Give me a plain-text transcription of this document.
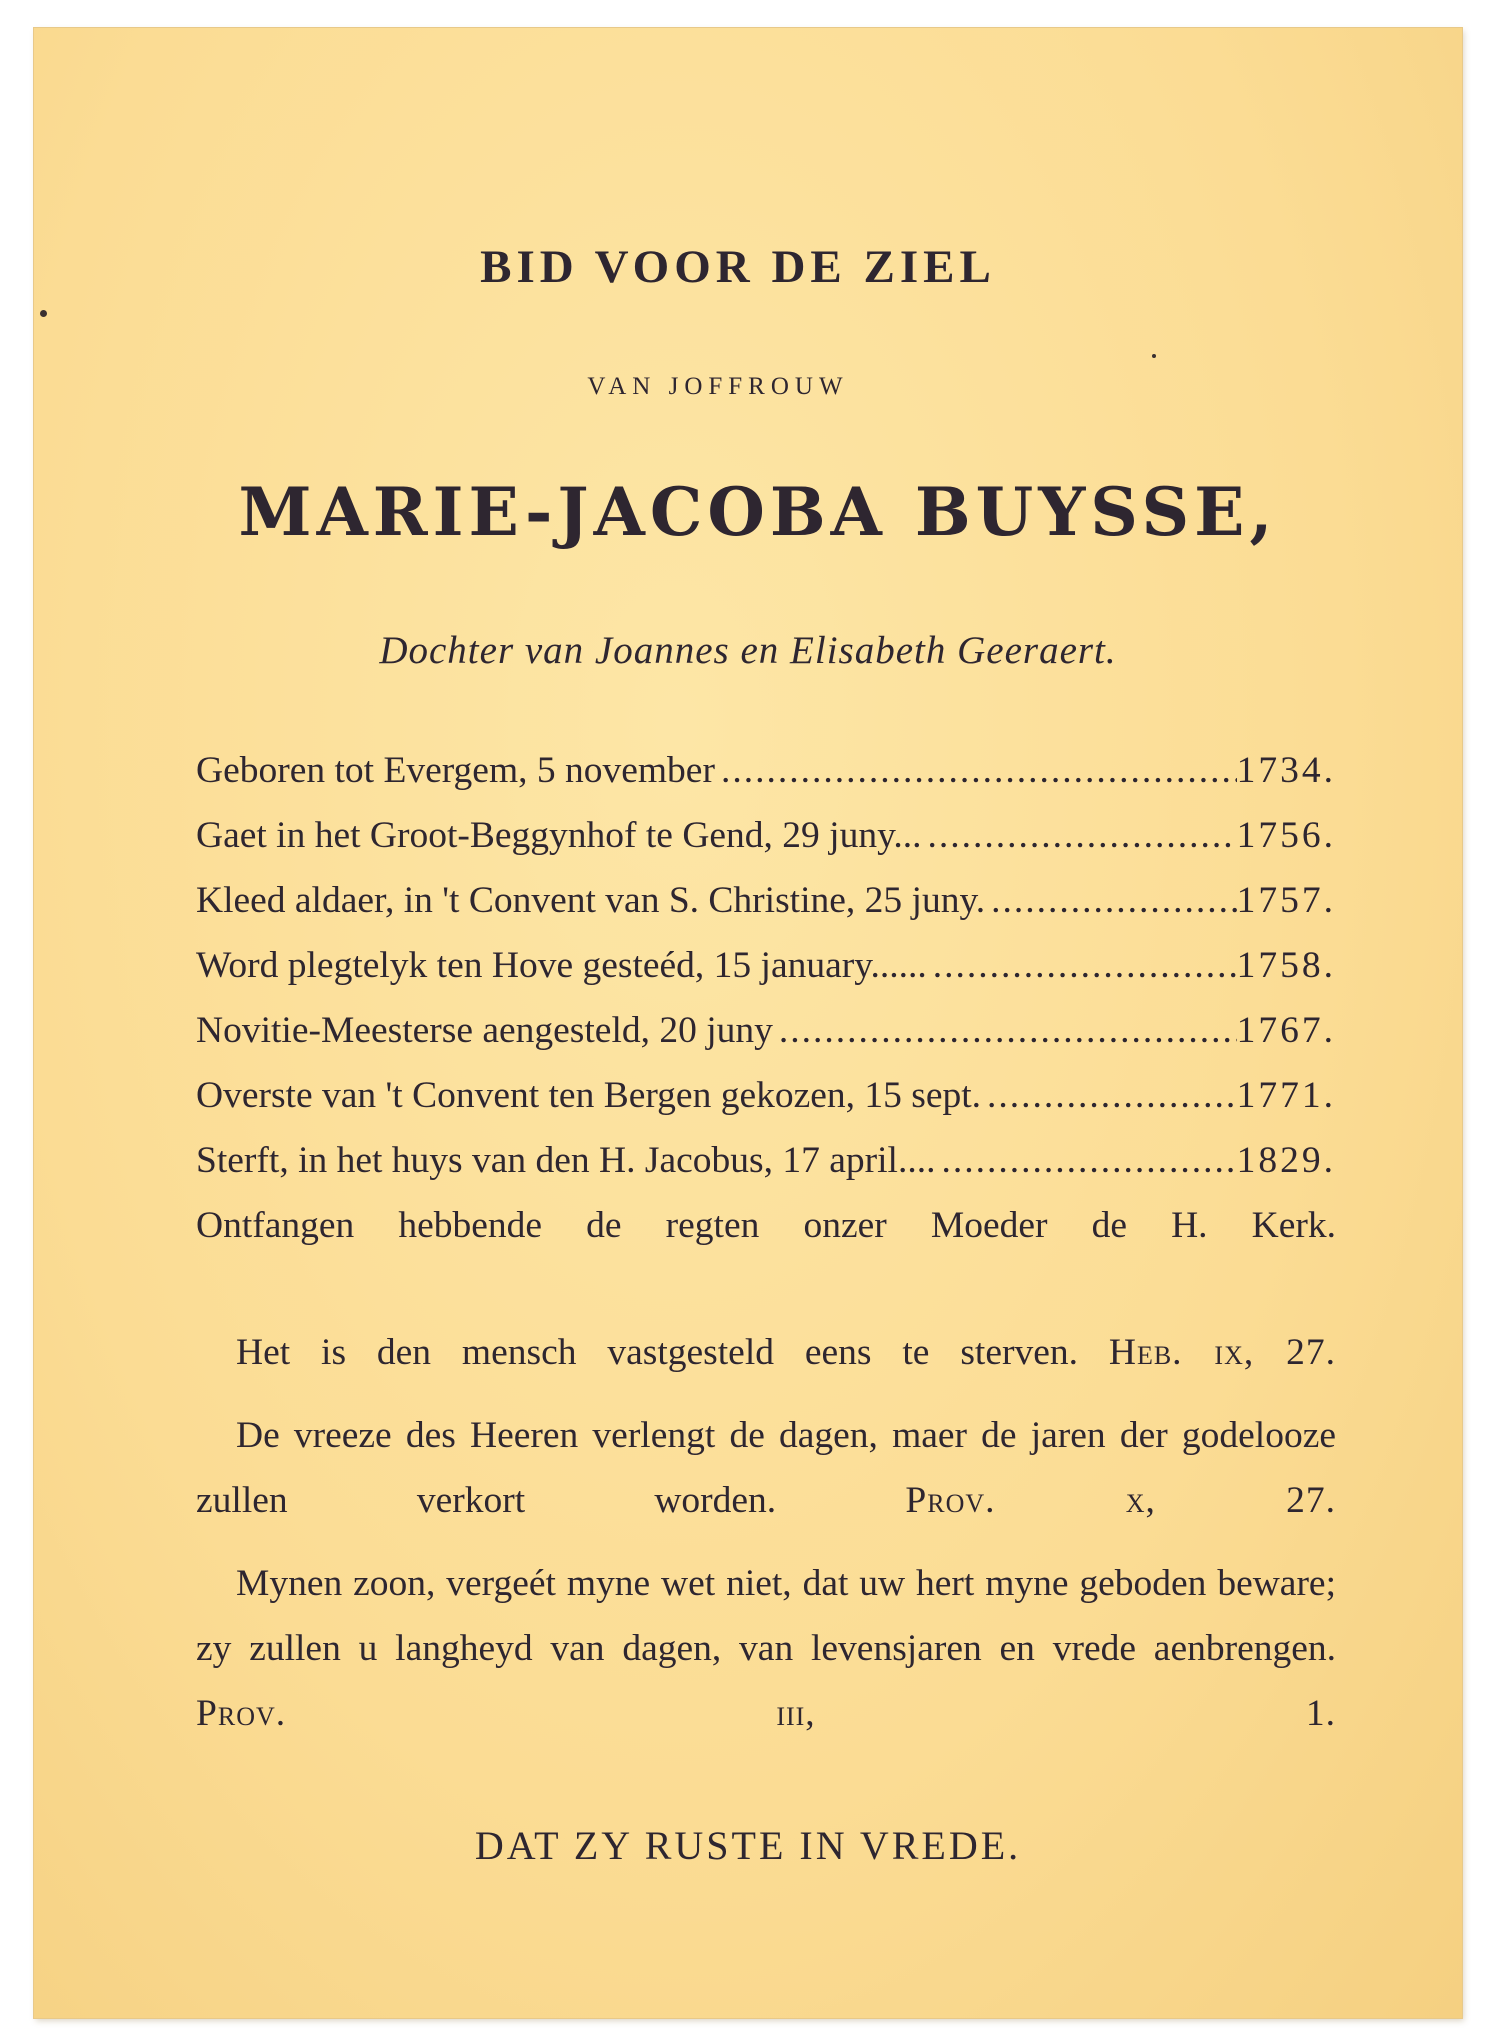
BID VOOR DE ZIEL
VAN JOFFROUW
MARIE-JACOBA BUYSSE,
Dochter van Joannes en Elisabeth Geeraert.
Geboren tot Evergem, 5 november .....	1734.
Gaet in het Groot-Beggynhof te Gend, 29 juny... .....	1756.
Kleed aldaer, in 't Convent van S. Christine, 25 juny. .....	1757.
Word plegtelyk ten Hove gesteéd, 15 january...... .....	1758.
Novitie-Meesterse aengesteld, 20 juny .....	1767.
Overste van 't Convent ten Bergen gekozen, 15 sept. .....	1771.
Sterft, in het huys van den H. Jacobus, 17 april.... .....	1829.
Ontfangen hebbende de regten onzer Moeder de H. Kerk.

Het is den mensch vastgesteld eens te sterven. Heb. ix, 27.

De vreeze des Heeren verlengt de dagen, maer de jaren der godelooze zullen verkort worden.	Prov. x, 27.

Mynen zoon, vergeét myne wet niet, dat uw hert myne geboden beware; zy zullen u langheyd van dagen, van levensjaren en vrede aenbrengen. Prov. iii, 1.

DAT ZY RUSTE IN VREDE.
